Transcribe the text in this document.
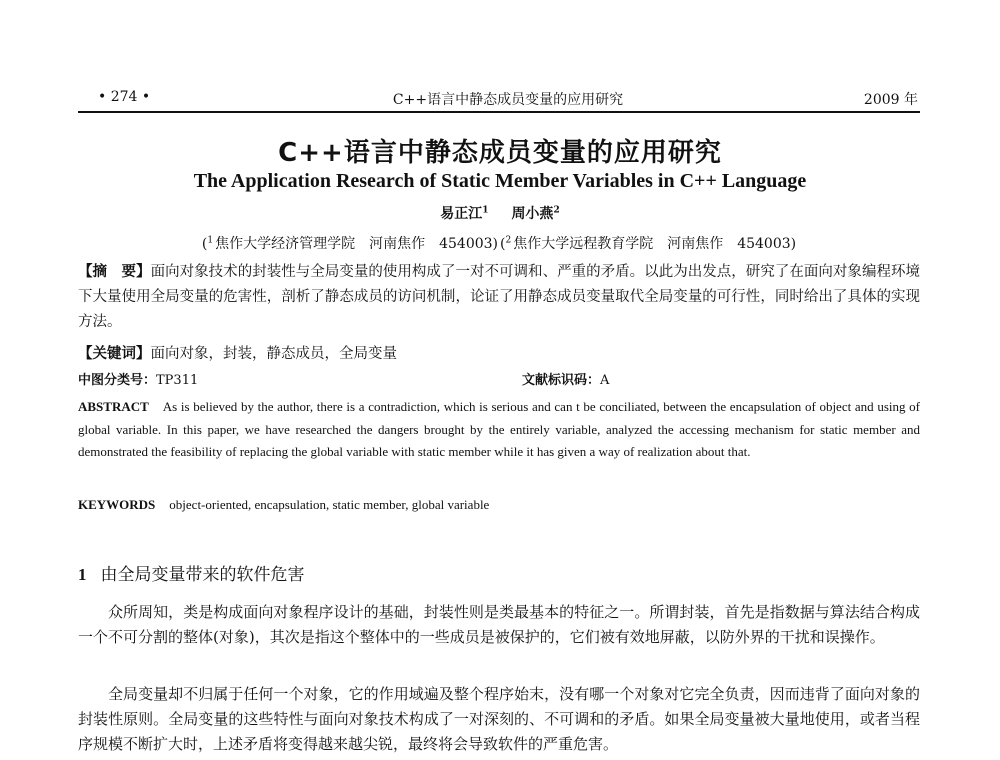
• 274 •	C++语言中静态成员变量的应用研究	2009 年
C++语言中静态成员变量的应用研究
The Application Research of Static Member Variables in C++ Language
易正江$^1$ 周小燕$^2$
($^1$ 焦作大学经济管理学院　河南焦作　454003) ($^2$ 焦作大学远程教育学院　河南焦作　454003)
【摘　要】面向对象技术的封装性与全局变量的使用构成了一对不可调和、严重的矛盾。以此为出发点，研究了在面向对象编程环境下大量使用全局变量的危害性，剖析了静态成员的访问机制，论证了用静态成员变量取代全局变量的可行性，同时给出了具体的实现方法。
【关键词】面向对象，封装，静态成员，全局变量
中图分类号：TP311	文献标识码：A
ABSTRACT As is believed by the author, there is a contradiction, which is serious and can t be conciliated, between the encapsulation of object and using of global variable. In this paper, we have researched the dangers brought by the entirely variable, analyzed the accessing mechanism for static member and demonstrated the feasibility of replacing the global variable with static member while it has given a way of realization about that.
KEYWORDS object-oriented, encapsulation, static member, global variable
1 由全局变量带来的软件危害
众所周知，类是构成面向对象程序设计的基础，封装性则是类最基本的特征之一。所谓封装，首先是指数据与算法结合构成一个不可分割的整体(对象)，其次是指这个整体中的一些成员是被保护的，它们被有效地屏蔽，以防外界的干扰和误操作。
全局变量却不归属于任何一个对象，它的作用域遍及整个程序始末，没有哪一个对象对它完全负责，因而违背了面向对象的封装性原则。全局变量的这些特性与面向对象技术构成了一对深刻的、不可调和的矛盾。如果全局变量被大量地使用，或者当程序规模不断扩大时，上述矛盾将变得越来越尖锐，最终将会导致软件的严重危害。
